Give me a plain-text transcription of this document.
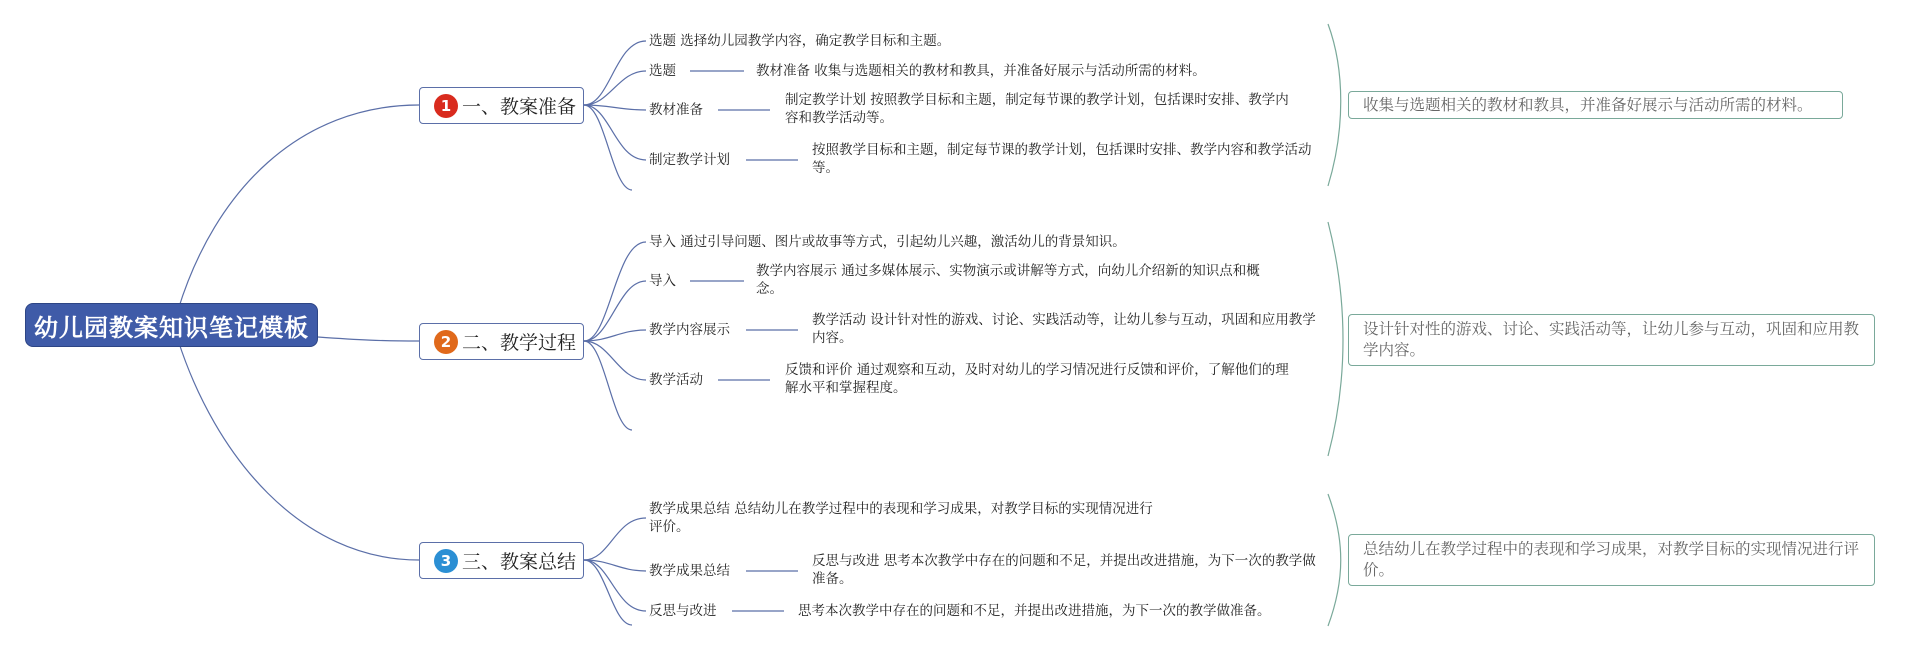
幼儿园教案知识笔记模板
1 一、教案准备
选题 选择幼儿园教学内容，确定教学目标和主题。
选题	教材准备 收集与选题相关的教材和教具，并准备好展示与活动所需的材料。
教材准备
制定教学计划 按照教学目标和主题，制定每节课的教学计划，包括课时安排、教学内容和教学活动等。
制定教学计划
按照教学目标和主题，制定每节课的教学计划，包括课时安排、教学内容和教学活动等。
收集与选题相关的教材和教具，并准备好展示与活动所需的材料。
2 二、教学过程
导入 通过引导问题、图片或故事等方式，引起幼儿兴趣，激活幼儿的背景知识。
导入
教学内容展示 通过多媒体展示、实物演示或讲解等方式，向幼儿介绍新的知识点和概念。
教学内容展示
教学活动 设计针对性的游戏、讨论、实践活动等，让幼儿参与互动，巩固和应用教学内容。
教学活动
反馈和评价 通过观察和互动，及时对幼儿的学习情况进行反馈和评价，了解他们的理解水平和掌握程度。
设计针对性的游戏、讨论、实践活动等，让幼儿参与互动，巩固和应用教学内容。
3 三、教案总结
教学成果总结 总结幼儿在教学过程中的表现和学习成果，对教学目标的实现情况进行评价。
教学成果总结
反思与改进 思考本次教学中存在的问题和不足，并提出改进措施，为下一次的教学做准备。
反思与改进	思考本次教学中存在的问题和不足，并提出改进措施，为下一次的教学做准备。
总结幼儿在教学过程中的表现和学习成果，对教学目标的实现情况进行评价。
